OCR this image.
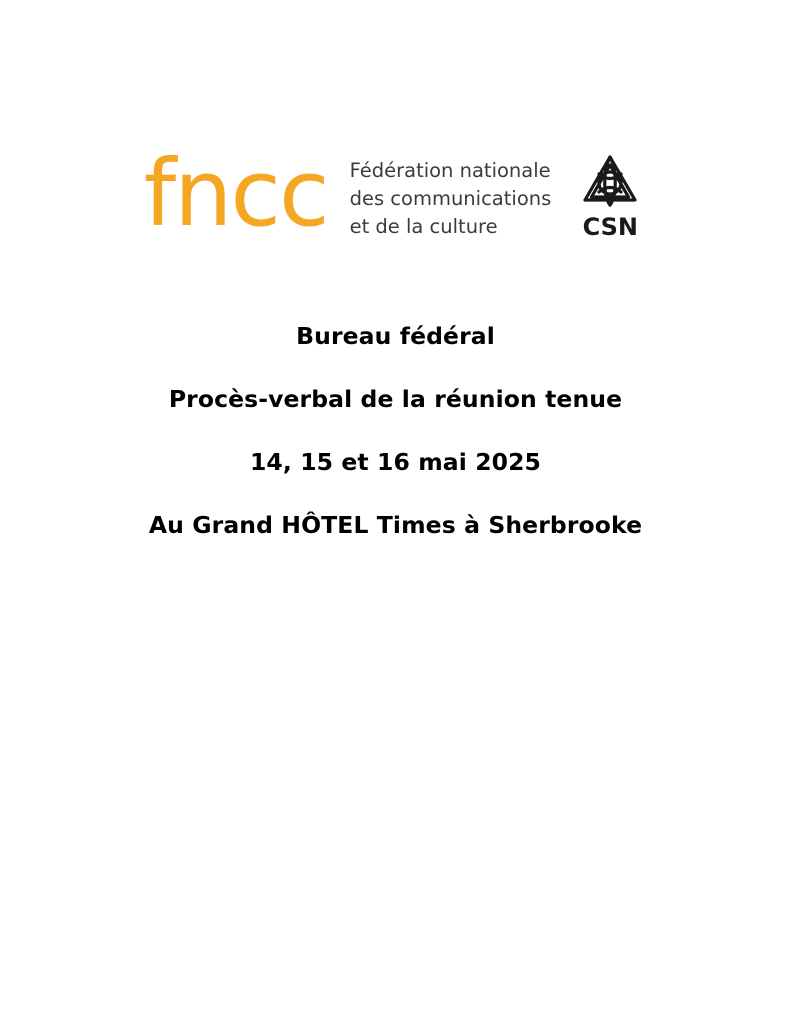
fncc Fédération nationale
des communications
et de la culture	CSN

Bureau fédéral

Procès-verbal de la réunion tenue

14, 15 et 16 mai 2025

Au Grand HÔTEL Times à Sherbrooke
